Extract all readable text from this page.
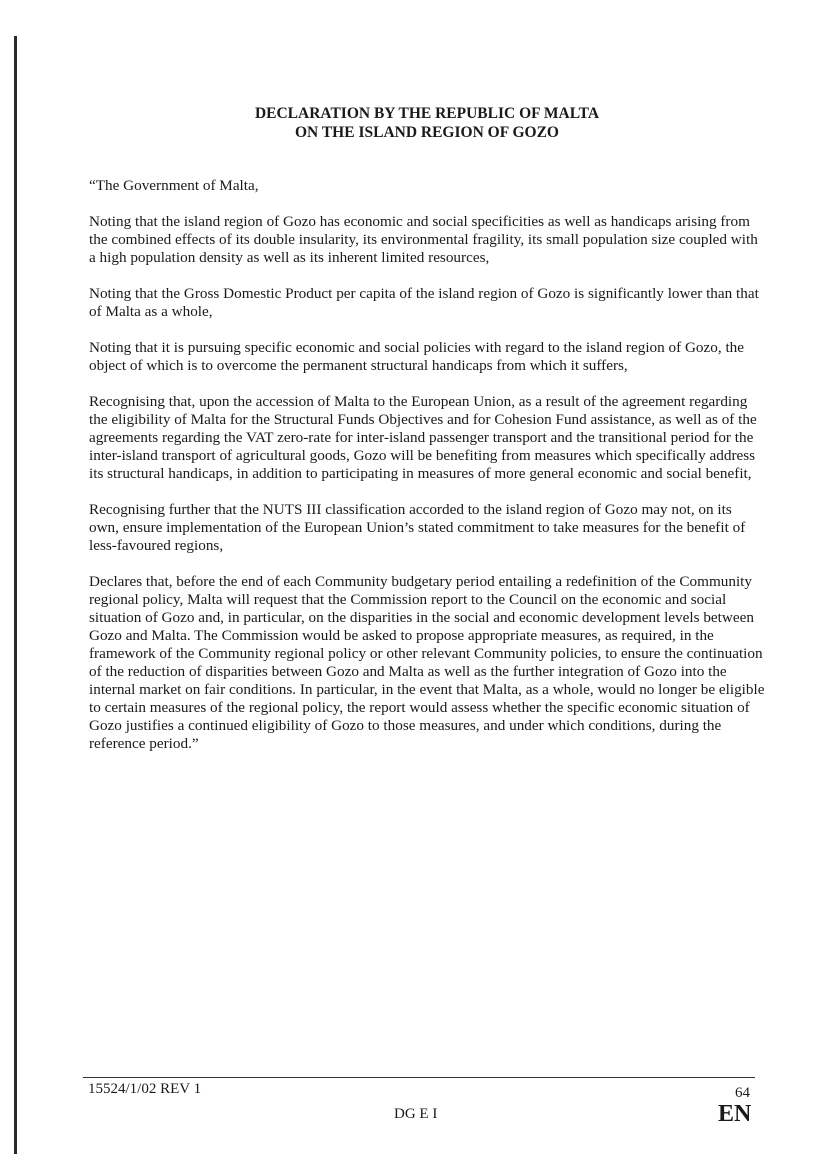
DECLARATION BY THE REPUBLIC OF MALTA
ON THE ISLAND REGION OF GOZO

“The Government of Malta,

Noting that the island region of Gozo has economic and social specificities as well as handicaps arising from the combined effects of its double insularity, its environmental fragility, its small population size coupled with a high population density as well as its inherent limited resources,

Noting that the Gross Domestic Product per capita of the island region of Gozo is significantly lower than that of Malta as a whole,

Noting that it is pursuing specific economic and social policies with regard to the island region of Gozo, the object of which is to overcome the permanent structural handicaps from which it suffers,

Recognising that, upon the accession of Malta to the European Union, as a result of the agreement regarding the eligibility of Malta for the Structural Funds Objectives and for Cohesion Fund assistance, as well as of the agreements regarding the VAT zero-rate for inter-island passenger transport and the transitional period for the inter-island transport of agricultural goods, Gozo will be benefiting from measures which specifically address its structural handicaps, in addition to participating in measures of more general economic and social benefit,

Recognising further that the NUTS III classification accorded to the island region of Gozo may not, on its own, ensure implementation of the European Union’s stated commitment to take measures for the benefit of less-favoured regions,

Declares that, before the end of each Community budgetary period entailing a redefinition of the Community regional policy, Malta will request that the Commission report to the Council on the economic and social situation of Gozo and, in particular, on the disparities in the social and economic development levels between Gozo and Malta. The Commission would be asked to propose appropriate measures, as required, in the framework of the Community regional policy or other relevant Community policies, to ensure the continuation of the reduction of disparities between Gozo and Malta as well as the further integration of Gozo into the internal market on fair conditions. In particular, in the event that Malta, as a whole, would no longer be eligible to certain measures of the regional policy, the report would assess whether the specific economic situation of Gozo justifies a continued eligibility of Gozo to those measures, and under which conditions, during the reference period.”

15524/1/02 REV 1	64
DG E I	EN
